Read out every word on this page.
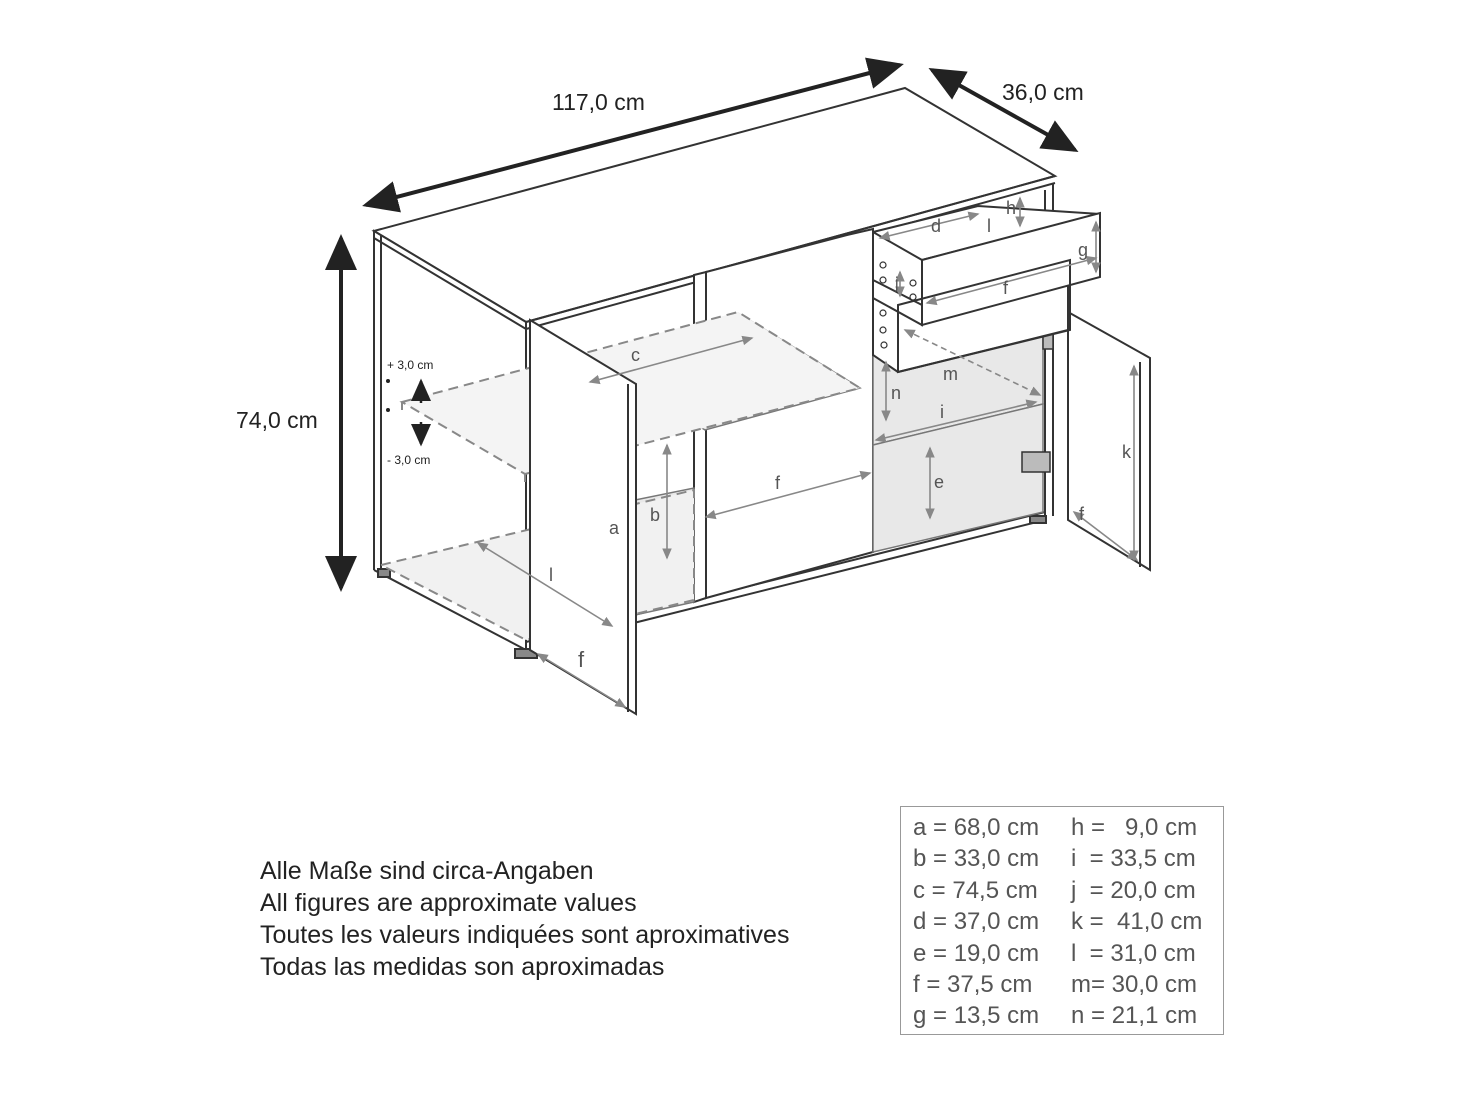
117,0 cm	36,0 cm
74,0 cm
+ 3,0 cm
- 3,0 cm
a
b
c
d
e
f
f
f
f
g
h
i
j
k
l
l
m
n
Alle Maße sind circa-Angaben
All figures are approximate values
Toutes les valeurs indiquées sont aproximatives
Todas las medidas son aproximadas
a = 68,0 cm	h =   9,0 cm
b = 33,0 cm	i  = 33,5 cm
c = 74,5 cm	j  = 20,0 cm
d = 37,0 cm	k =  41,0 cm
e = 19,0 cm	l  = 31,0 cm
f = 37,5 cm	m= 30,0 cm
g = 13,5 cm	n = 21,1 cm
